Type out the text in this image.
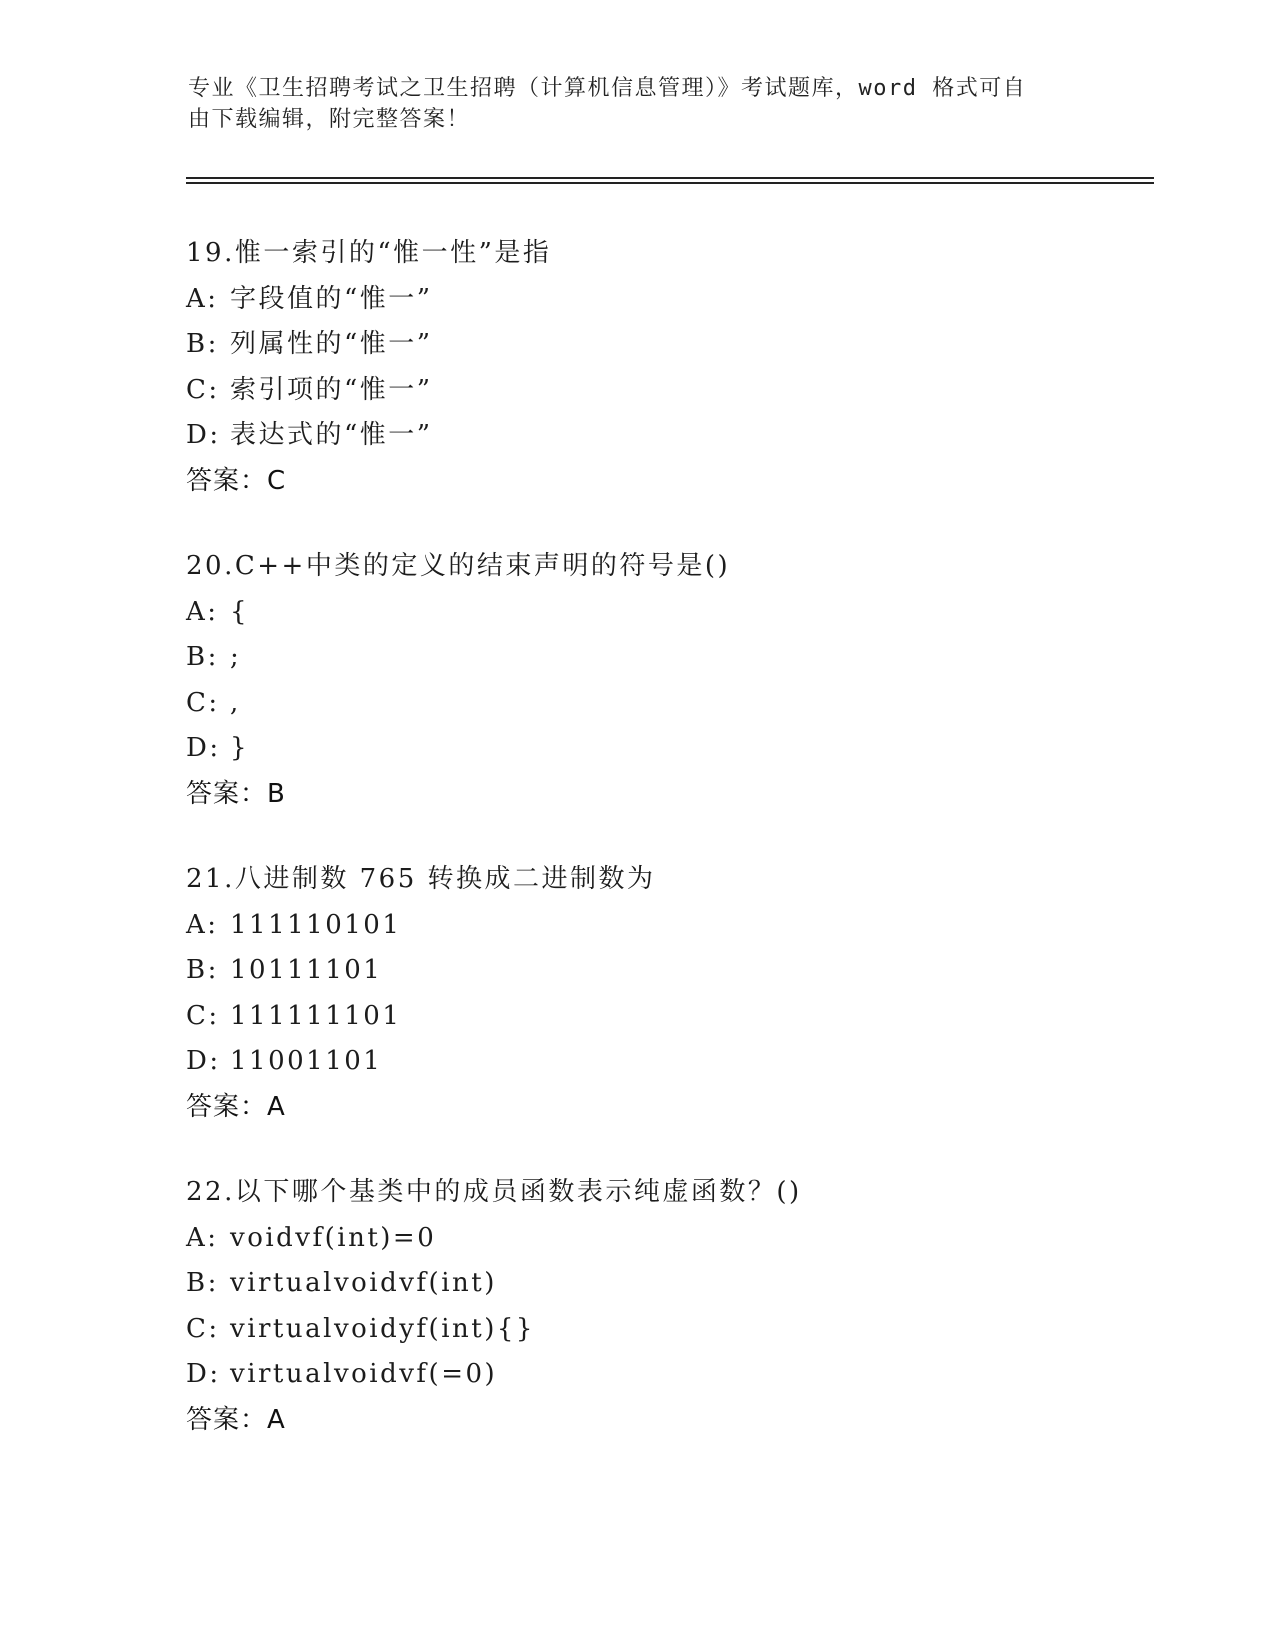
专业《卫生招聘考试之卫生招聘（计算机信息管理）》考试题库，word 格式可自
由下载编辑，附完整答案！
19.惟一索引的“惟一性”是指
A: 字段值的“惟一”
B: 列属性的“惟一”
C: 索引项的“惟一”
D: 表达式的“惟一”
答案：C
20.C++中类的定义的结束声明的符号是()
A: {
B: ;
C: ,
D: }
答案：B
21.八进制数 765 转换成二进制数为
A: 111110101
B: 10111101
C: 111111101
D: 11001101
答案：A
22.以下哪个基类中的成员函数表示纯虚函数？()
A: voidvf(int)=0
B: virtualvoidvf(int)
C: virtualvoidyf(int){}
D: virtualvoidvf(=0)
答案：A
